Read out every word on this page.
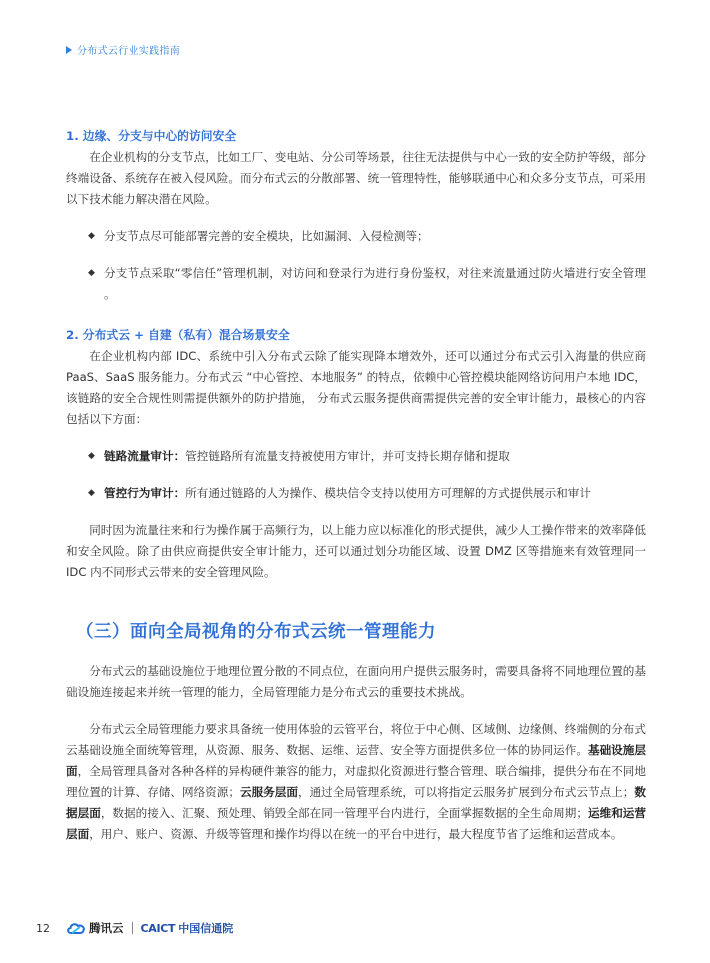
分布式云行业实践指南
1. 边缘、分支与中心的访问安全

在企业机构的分支节点，比如工厂、变电站、分公司等场景，往往无法提供与中心一致的安全防护等级，部分终端设备、系统存在被入侵风险。而分布式云的分散部署、统一管理特性，能够联通中心和众多分支节点，可采用以下技术能力解决潜在风险。

◆ 分支节点尽可能部署完善的安全模块，比如漏洞、入侵检测等；
◆ 分支节点采取“零信任”管理机制，对访问和登录行为进行身份鉴权，对往来流量通过防火墙进行安全管理 。
2. 分布式云 + 自建（私有）混合场景安全

在企业机构内部 IDC、系统中引入分布式云除了能实现降本增效外，还可以通过分布式云引入海量的供应商 PaaS、SaaS 服务能力。分布式云 “中心管控、本地服务” 的特点，依赖中心管控模块能网络访问用户本地 IDC，该链路的安全合规性则需提供额外的防护措施， 分布式云服务提供商需提供完善的安全审计能力，最核心的内容包括以下方面：

◆ 链路流量审计：管控链路所有流量支持被使用方审计，并可支持长期存储和提取
◆ 管控行为审计：所有通过链路的人为操作、模块信令支持以使用方可理解的方式提供展示和审计

同时因为流量往来和行为操作属于高频行为，以上能力应以标准化的形式提供，减少人工操作带来的效率降低和安全风险。除了由供应商提供安全审计能力，还可以通过划分功能区域、设置 DMZ 区等措施来有效管理同一 IDC 内不同形式云带来的安全管理风险。

（三）面向全局视角的分布式云统一管理能力

分布式云的基础设施位于地理位置分散的不同点位，在面向用户提供云服务时，需要具备将不同地理位置的基础设施连接起来并统一管理的能力，全局管理能力是分布式云的重要技术挑战。

分布式云全局管理能力要求具备统一使用体验的云管平台，将位于中心侧、区域侧、边缘侧、终端侧的分布式云基础设施全面统筹管理，从资源、服务、数据、运维、运营、安全等方面提供多位一体的协同运作。基础设施层面，全局管理具备对各种各样的异构硬件兼容的能力，对虚拟化资源进行整合管理、联合编排，提供分布在不同地理位置的计算、存储、网络资源；云服务层面，通过全局管理系统，可以将指定云服务扩展到分布式云节点上；数据层面，数据的接入、汇聚、预处理、销毁全部在同一管理平台内进行，全面掌握数据的全生命周期；运维和运营层面，用户、账户、资源、升级等管理和操作均得以在统一的平台中进行，最大程度节省了运维和运营成本。

12	腾讯云 CAICT 中国信通院
